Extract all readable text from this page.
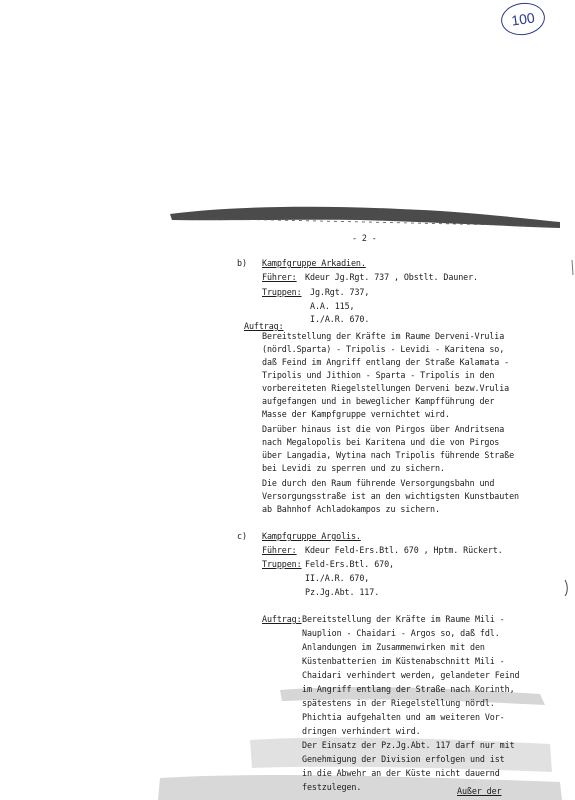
100
- 2 -
b) Kampfgruppe Arkadien.
Führer: Kdeur Jg.Rgt. 737 , Obstlt. Dauner.
Truppen: Jg.Rgt. 737,
A.A. 115,
I./A.R. 670.
Auftrag:
Bereitstellung der Kräfte im Raume Derveni-Vrulia
(nördl.Sparta) - Tripolis - Levidi - Karitena so,
daß Feind im Angriff entlang der Straße Kalamata -
Tripolis und Jithion - Sparta - Tripolis in den
vorbereiteten Riegelstellungen Derveni bezw.Vrulia
aufgefangen und in beweglicher Kampfführung der
Masse der Kampfgruppe vernichtet wird.
Darüber hinaus ist die von Pirgos über Andritsena
nach Megalopolis bei Karitena und die von Pirgos
über Langadia, Wytina nach Tripolis führende Straße
bei Levidi zu sperren und zu sichern.
Die durch den Raum führende Versorgungsbahn und
Versorgungsstraße ist an den wichtigsten Kunstbauten
ab Bahnhof Achladokampos zu sichern.
c) Kampfgruppe Argolis.
Führer: Kdeur Feld-Ers.Btl. 670 , Hptm. Rückert.
Truppen: Feld-Ers.Btl. 670,
II./A.R. 670,
Pz.Jg.Abt. 117.
Auftrag: Bereitstellung der Kräfte im Raume Mili -
Nauplion - Chaidari - Argos so, daß fdl.
Anlandungen im Zusammenwirken mit den
Küstenbatterien im Küstenabschnitt Mili -
Chaidari verhindert werden, gelandeter Feind
im Angriff entlang der Straße nach Korinth,
spätestens in der Riegelstellung nördl.
Phichtia aufgehalten und am weiteren Vor-
dringen verhindert wird.
Der Einsatz der Pz.Jg.Abt. 117 darf nur mit
Genehmigung der Division erfolgen und ist
in die Abwehr an der Küste nicht dauernd
festzulegen.	Außer der
